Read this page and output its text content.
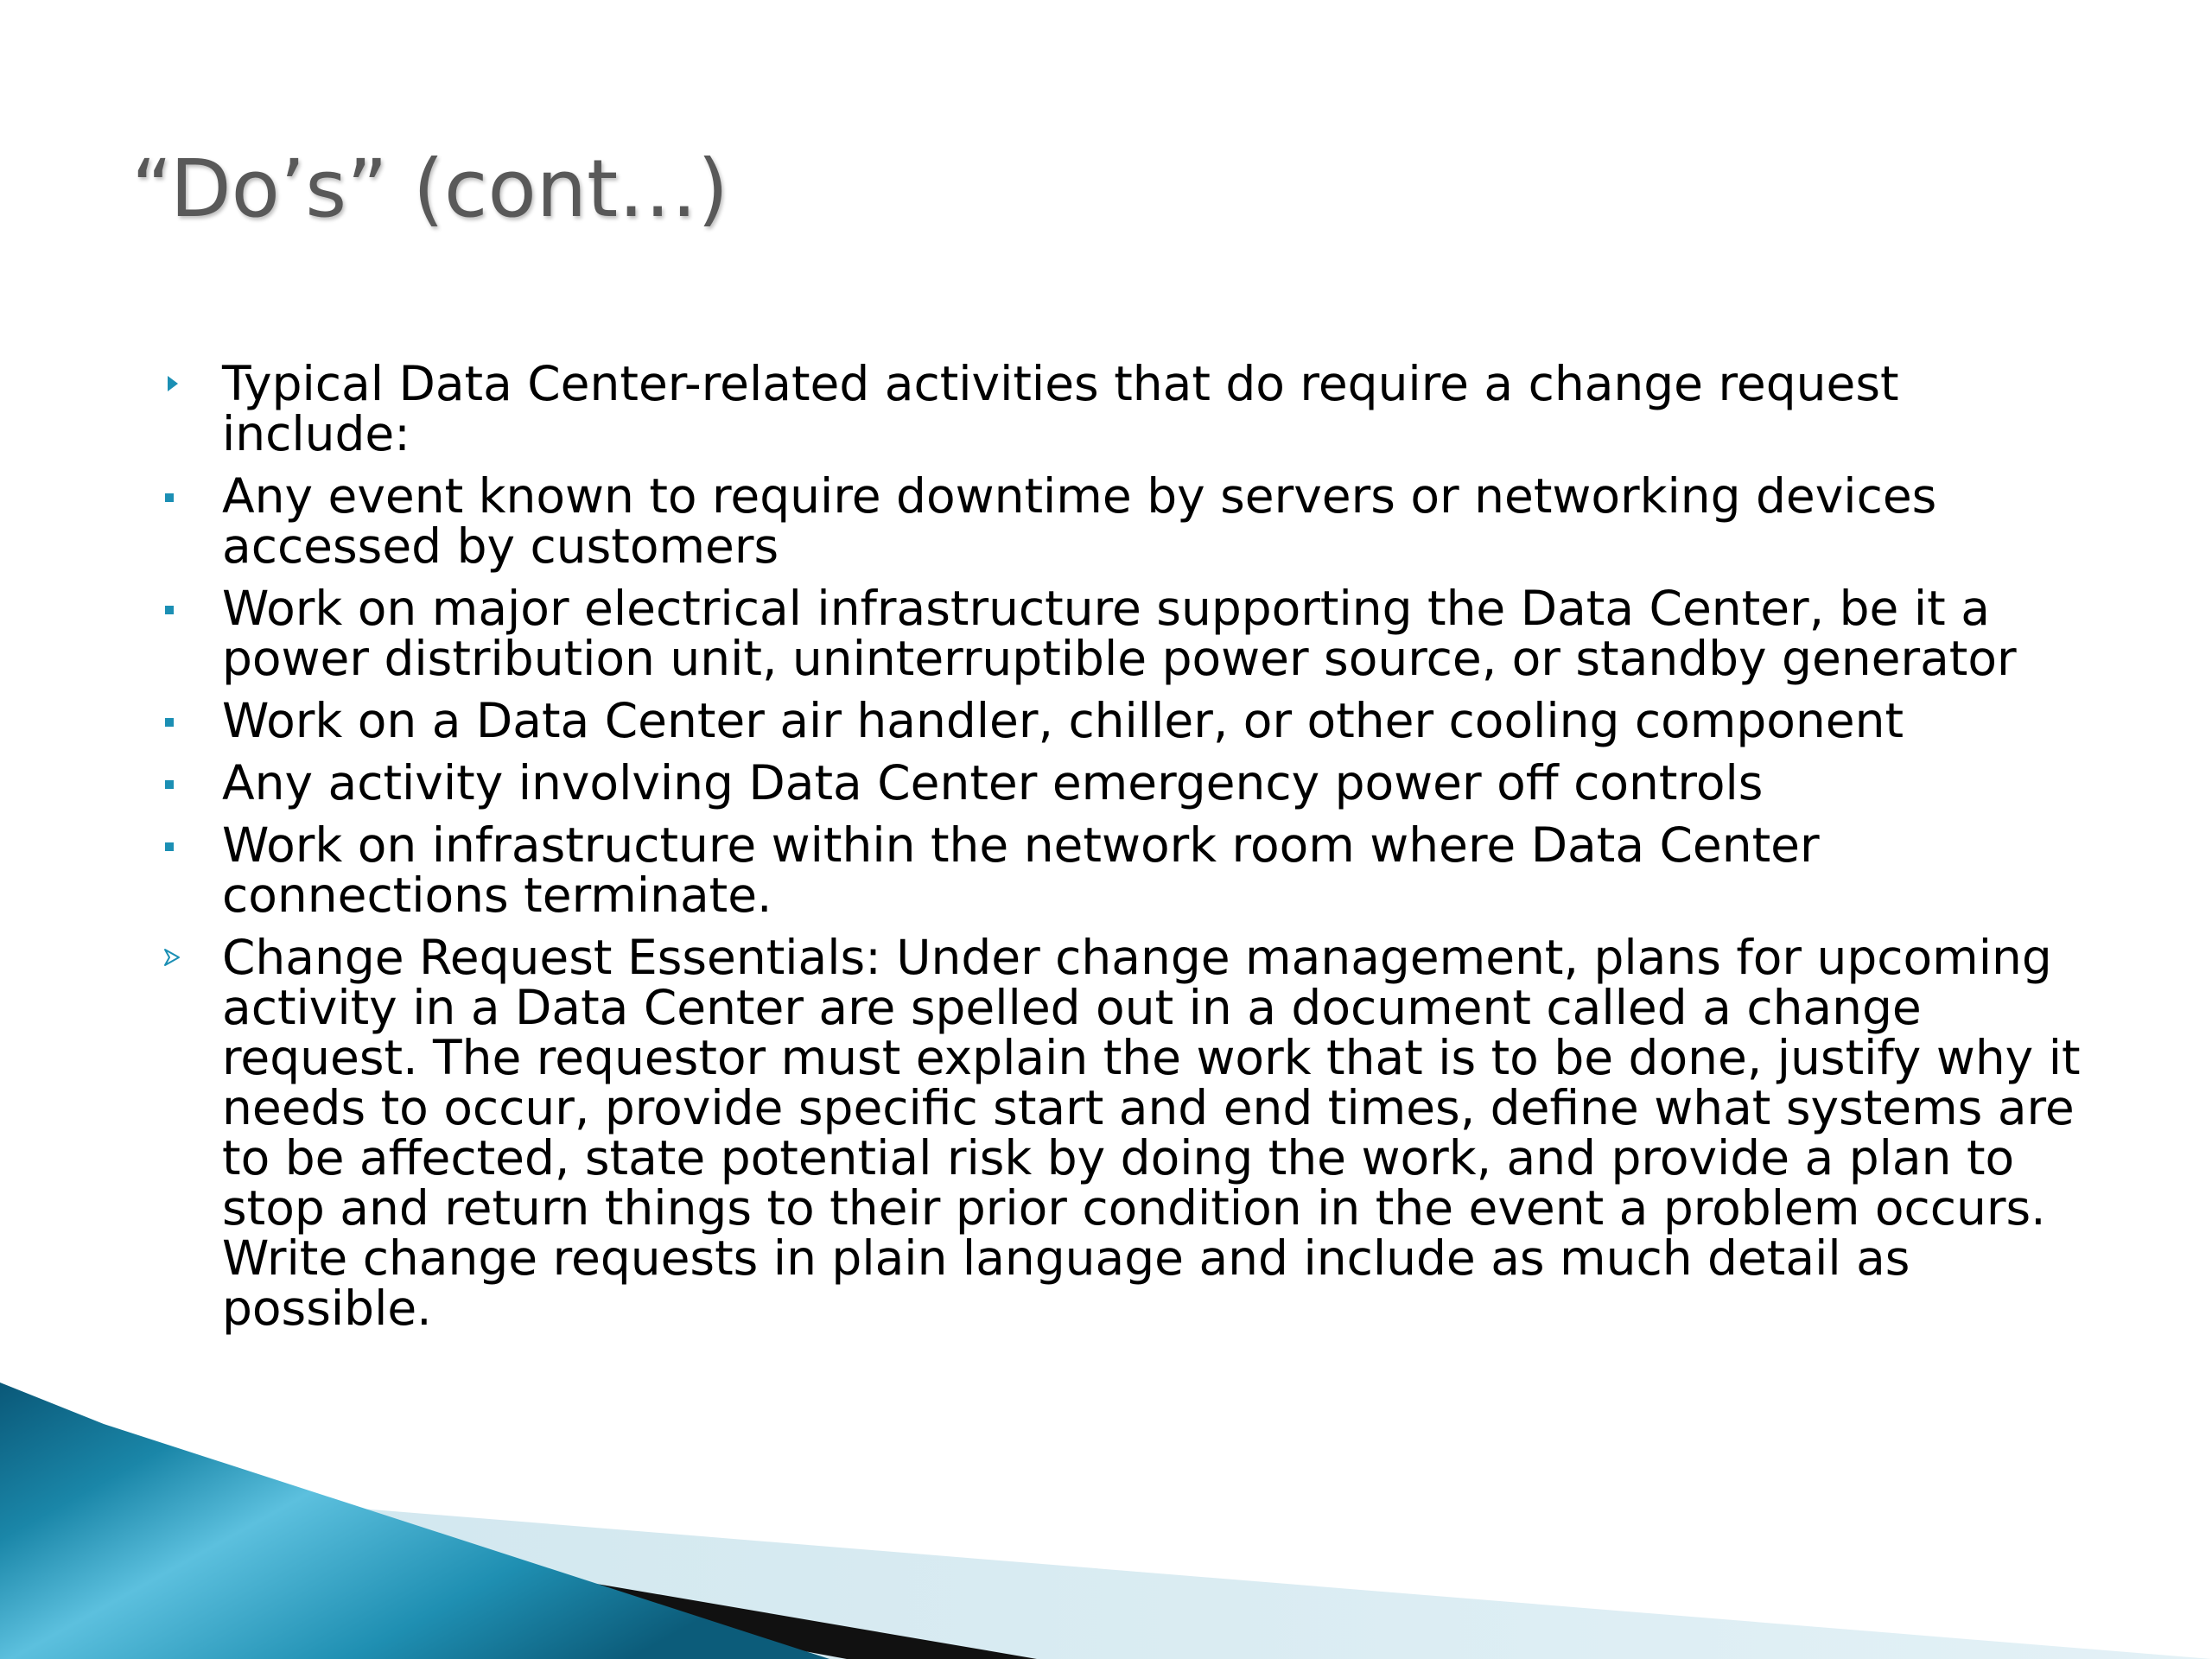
“Do’s” (cont…)
Typical Data Center-related activities that do require a change request include:
Any event known to require downtime by servers or networking devices accessed by customers
Work on major electrical infrastructure supporting the Data Center, be it a power distribution unit, uninterruptible power source, or standby generator
Work on a Data Center air handler, chiller, or other cooling component
Any activity involving Data Center emergency power off controls
Work on infrastructure within the network room where Data Center connections terminate.
Change Request Essentials: Under change management, plans for upcoming activity in a Data Center are spelled out in a document called a change request. The requestor must explain the work that is to be done, justify why it needs to occur, provide specific start and end times, define what systems are to be affected, state potential risk by doing the work, and provide a plan to stop and return things to their prior condition in the event a problem occurs. Write change requests in plain language and include as much detail as possible.
